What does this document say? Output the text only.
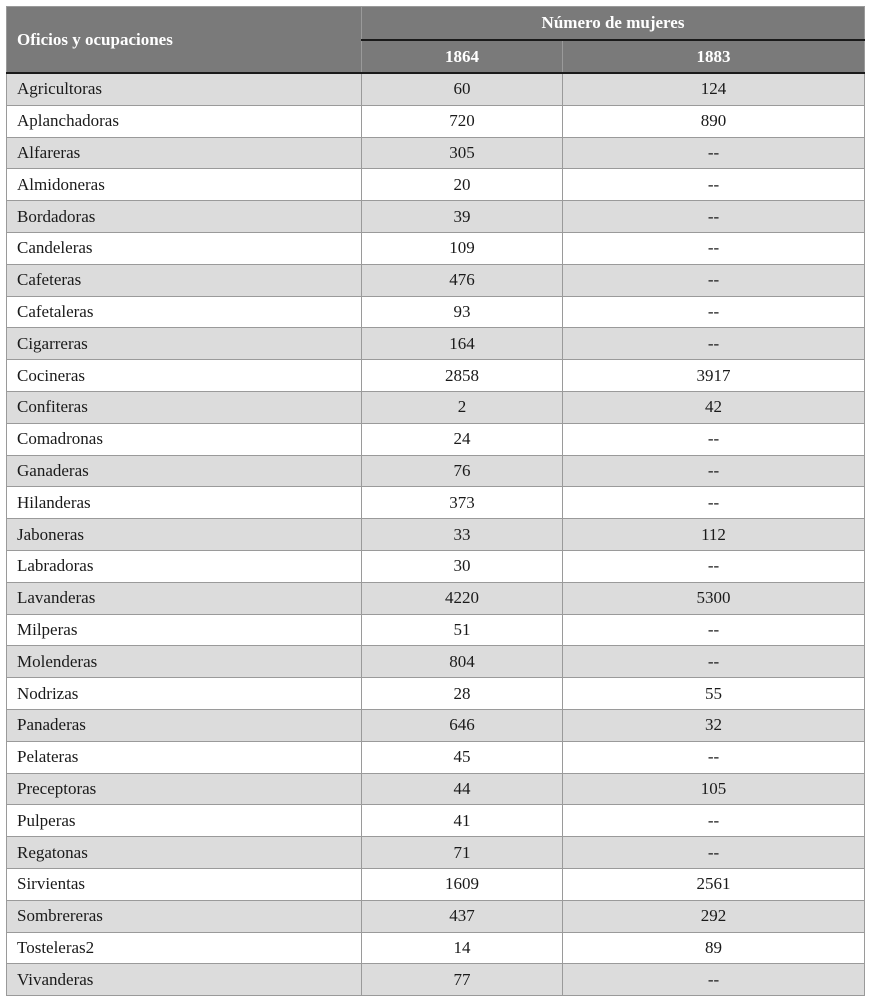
Oficios y ocupaciones	Número de mujeres	
	1864	1883
Agricultoras	60	124
Aplanchadoras	720	890
Alfareras	305	--
Almidoneras	20	--
Bordadoras	39	--
Candeleras	109	--
Cafeteras	476	--
Cafetaleras	93	--
Cigarreras	164	--
Cocineras	2858	3917
Confiteras	2	42
Comadronas	24	--
Ganaderas	76	--
Hilanderas	373	--
Jaboneras	33	112
Labradoras	30	--
Lavanderas	4220	5300
Milperas	51	--
Molenderas	804	--
Nodrizas	28	55
Panaderas	646	32
Pelateras	45	--
Preceptoras	44	105
Pulperas	41	--
Regatonas	71	--
Sirvientas	1609	2561
Sombrereras	437	292
Tosteleras2	14	89
Vivanderas	77	--
